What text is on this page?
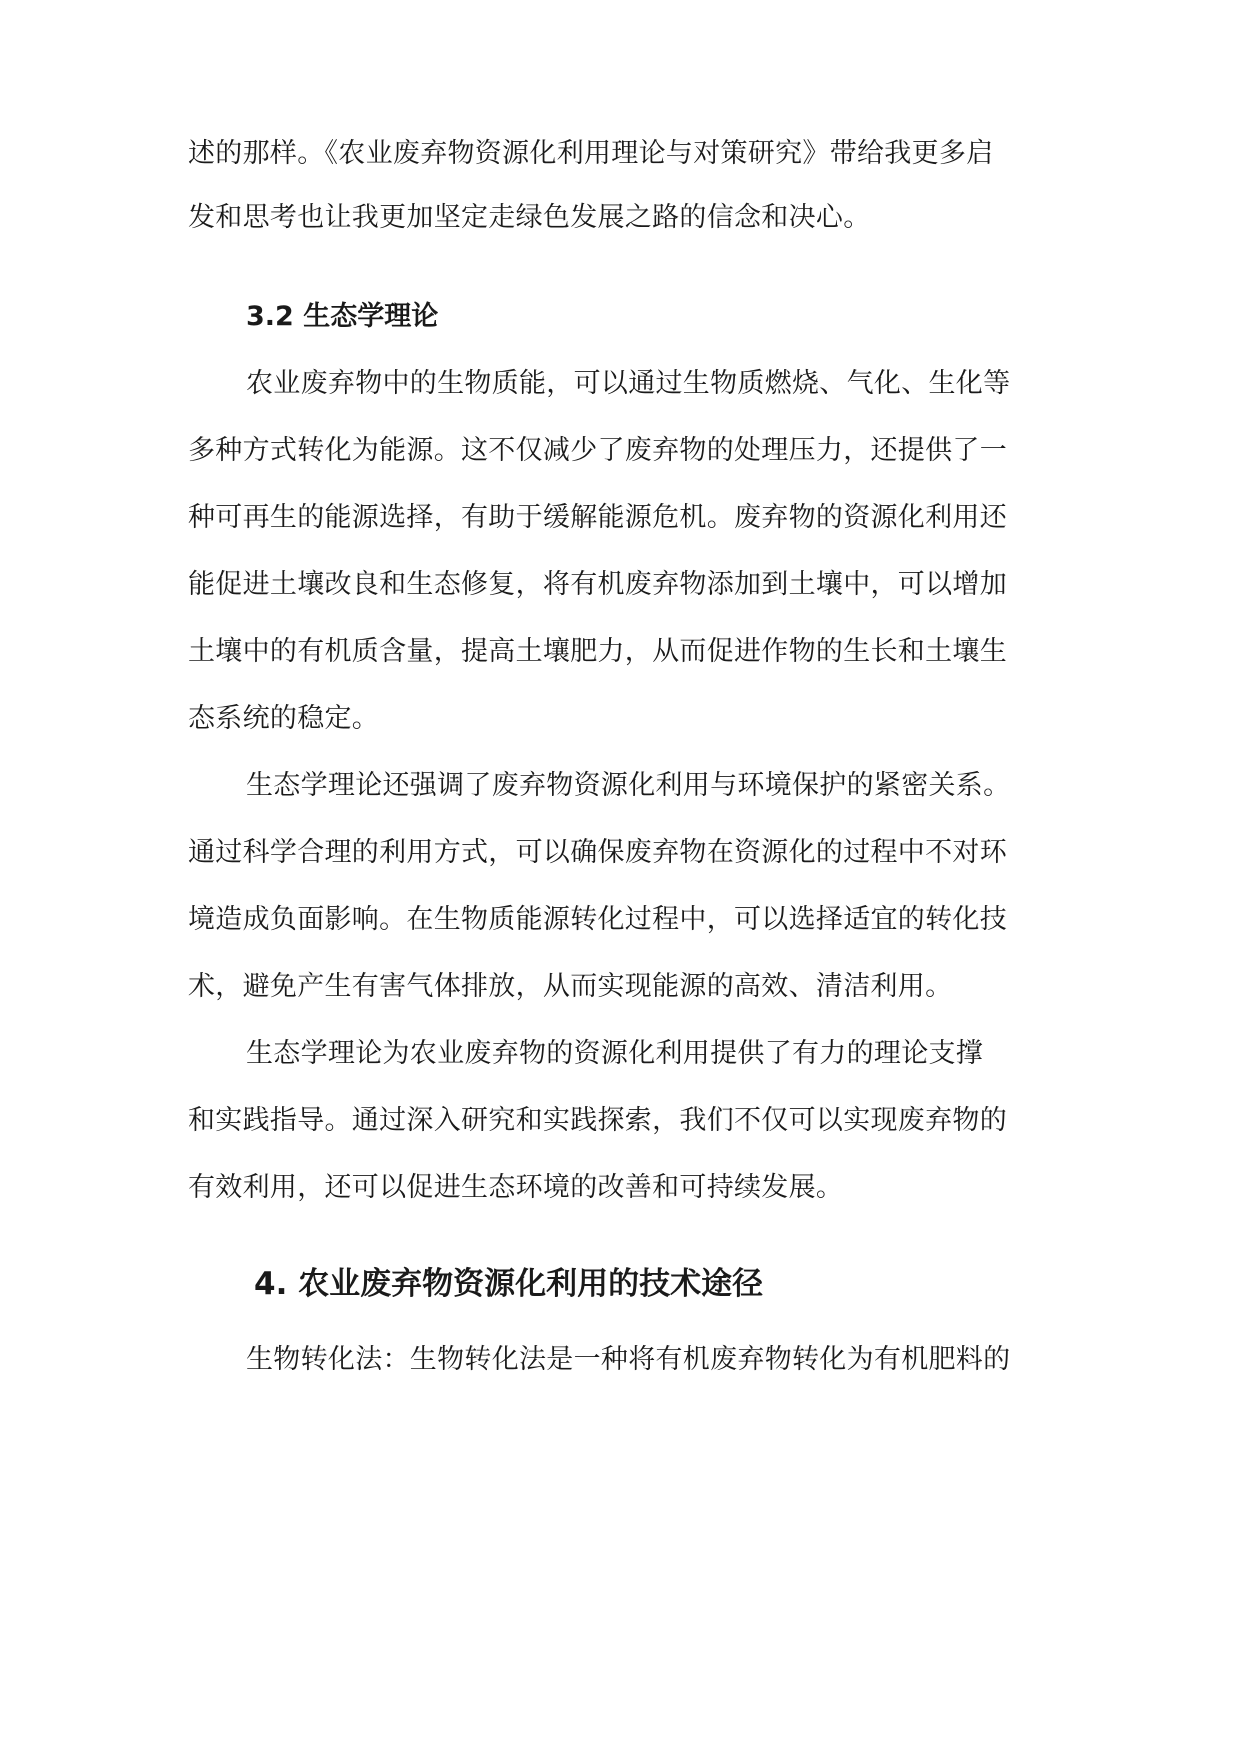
述的那样。《农业废弃物资源化利用理论与对策研究》带给我更多启
发和思考也让我更加坚定走绿色发展之路的信念和决心。
3.2 生态学理论
农业废弃物中的生物质能，可以通过生物质燃烧、气化、生化等
多种方式转化为能源。这不仅减少了废弃物的处理压力，还提供了一
种可再生的能源选择，有助于缓解能源危机。废弃物的资源化利用还
能促进土壤改良和生态修复，将有机废弃物添加到土壤中，可以增加
土壤中的有机质含量，提高土壤肥力，从而促进作物的生长和土壤生
态系统的稳定。
生态学理论还强调了废弃物资源化利用与环境保护的紧密关系。
通过科学合理的利用方式，可以确保废弃物在资源化的过程中不对环
境造成负面影响。在生物质能源转化过程中，可以选择适宜的转化技
术，避免产生有害气体排放，从而实现能源的高效、清洁利用。
生态学理论为农业废弃物的资源化利用提供了有力的理论支撑
和实践指导。通过深入研究和实践探索，我们不仅可以实现废弃物的
有效利用，还可以促进生态环境的改善和可持续发展。
4. 农业废弃物资源化利用的技术途径
生物转化法：生物转化法是一种将有机废弃物转化为有机肥料的
